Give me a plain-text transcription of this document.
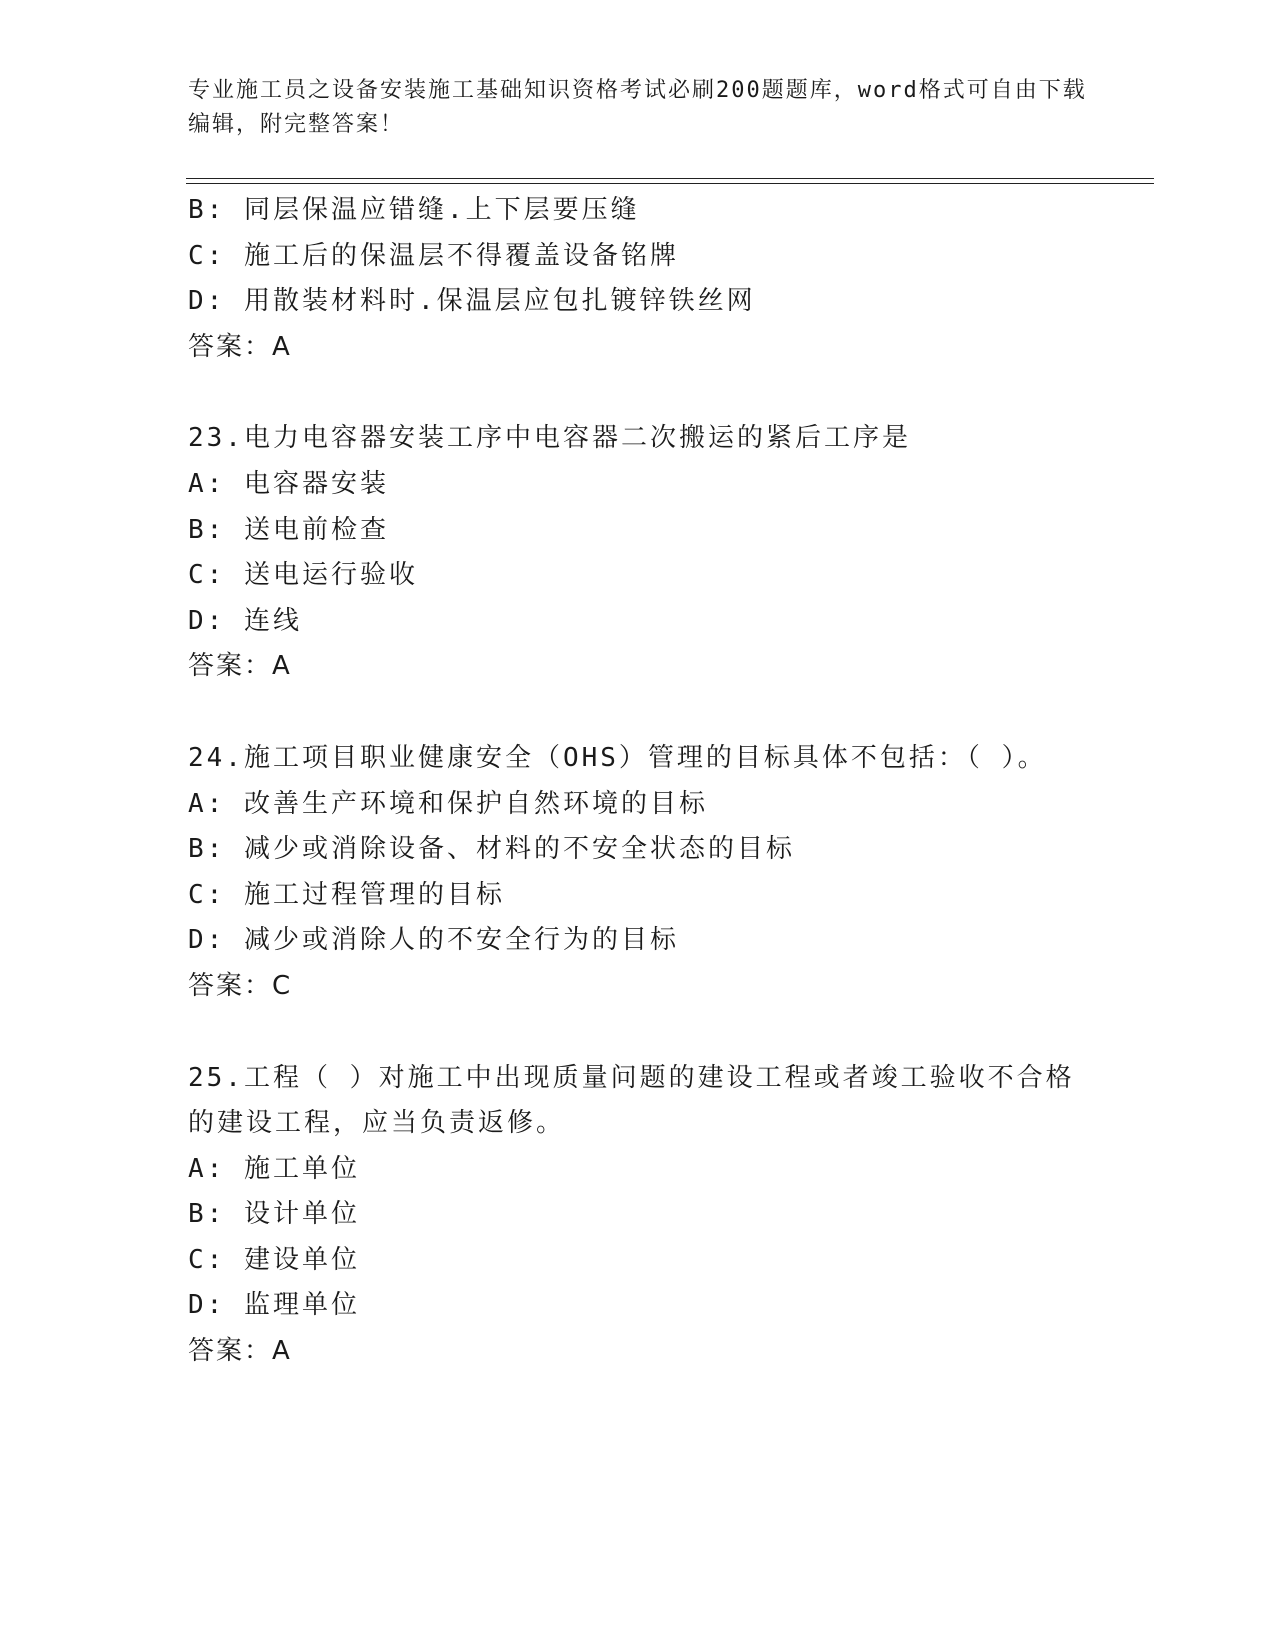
专业施工员之设备安装施工基础知识资格考试必刷200题题库，word格式可自由下载编辑，附完整答案！
B: 同层保温应错缝.上下层要压缝
C: 施工后的保温层不得覆盖设备铭牌
D: 用散装材料时.保温层应包扎镀锌铁丝网
答案：A
23.电力电容器安装工序中电容器二次搬运的紧后工序是
A: 电容器安装
B: 送电前检查
C: 送电运行验收
D: 连线
答案：A
24.施工项目职业健康安全（OHS）管理的目标具体不包括：（ ）。
A: 改善生产环境和保护自然环境的目标
B: 减少或消除设备、材料的不安全状态的目标
C: 施工过程管理的目标
D: 减少或消除人的不安全行为的目标
答案：C
25.工程（ ）对施工中出现质量问题的建设工程或者竣工验收不合格
的建设工程，应当负责返修。
A: 施工单位
B: 设计单位
C: 建设单位
D: 监理单位
答案：A
